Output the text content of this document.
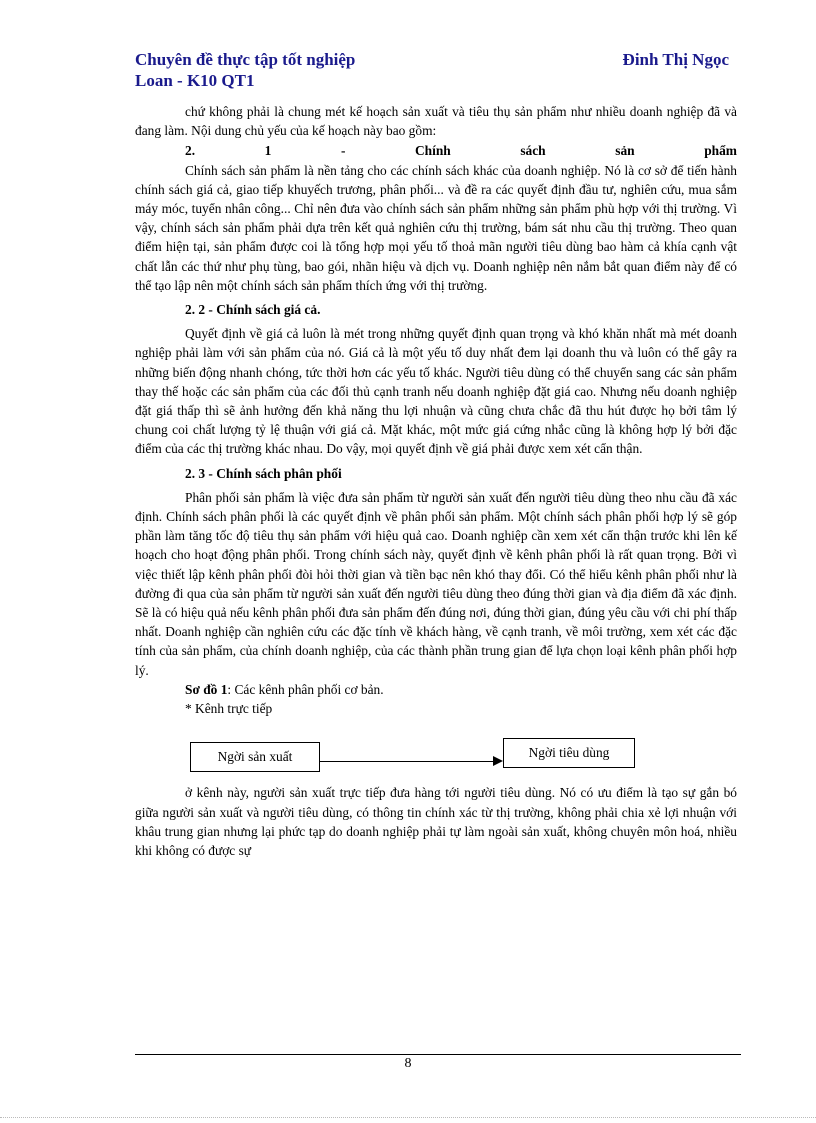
Chuyên đề thực tập tốt nghiệp	Đinh Thị Ngọc
Loan - K10 QT1

chứ không phải là chung mét kế hoạch sản xuất và tiêu thụ sản phẩm như nhiều doanh nghiệp đã và đang làm. Nội dung chủ yếu của kế hoạch này bao gồm:

2.	1	-	Chính	sách	sản	phẩm

Chính sách sản phẩm là nền tảng cho các chính sách khác của doanh nghiệp. Nó là cơ sở để tiến hành chính sách giá cả, giao tiếp khuyếch trương, phân phối... và đề ra các quyết định đầu tư, nghiên cứu, mua sắm máy móc, tuyển nhân công... Chỉ nên đưa vào chính sách sản phẩm những sản phẩm phù hợp với thị trường. Vì vậy, chính sách sản phẩm phải dựa trên kết quả nghiên cứu thị trường, bám sát nhu cầu thị trường. Theo quan điểm hiện tại, sản phẩm được coi là tổng hợp mọi yếu tố thoả mãn người tiêu dùng bao hàm cả khía cạnh vật chất lẫn các thứ như phụ tùng, bao gói, nhãn hiệu và dịch vụ. Doanh nghiệp nên nắm bắt quan điểm này để có thể tạo lập nên một chính sách sản phẩm thích ứng với thị trường.

2. 2 - Chính sách giá cả.

Quyết định về giá cả luôn là mét trong những quyết định quan trọng và khó khăn nhất mà mét doanh nghiệp phải làm với sản phẩm của nó. Giá cả là một yếu tố duy nhất đem lại doanh thu và luôn có thể gây ra những biến động nhanh chóng, tức thời hơn các yếu tố khác. Người tiêu dùng có thể chuyển sang các sản phẩm thay thế hoặc các sản phẩm của các đối thủ cạnh tranh nếu doanh nghiệp đặt giá cao. Nhưng nếu doanh nghiệp đặt giá thấp thì sẽ ảnh hưởng đến khả năng thu lợi nhuận và cũng chưa chắc đã thu hút được họ bởi tâm lý chung coi chất lượng tỷ lệ thuận với giá cả. Mặt khác, một mức giá cứng nhắc cũng là không hợp lý bởi đặc điểm của các thị trường khác nhau. Do vậy, mọi quyết định về giá phải được xem xét cẩn thận.

2. 3 - Chính sách phân phối

Phân phối sản phẩm là việc đưa sản phẩm từ người sản xuất đến người tiêu dùng theo nhu cầu đã xác định. Chính sách phân phối là các quyết định về phân phối sản phẩm. Một chính sách phân phối hợp lý sẽ góp phần làm tăng tốc độ tiêu thụ sản phẩm với hiệu quả cao. Doanh nghiệp cần xem xét cẩn thận trước khi lên kế hoạch cho hoạt động phân phối. Trong chính sách này, quyết định về kênh phân phối là rất quan trọng. Bởi vì việc thiết lập kênh phân phối đòi hỏi thời gian và tiền bạc nên khó thay đổi. Có thể hiểu kênh phân phối như là đường đi qua của sản phẩm từ người sản xuất đến người tiêu dùng theo đúng thời gian và địa điểm đã xác định. Sẽ là có hiệu quả nếu kênh phân phối đưa sản phẩm đến đúng nơi, đúng thời gian, đúng yêu cầu với chi phí thấp nhất. Doanh nghiệp cần nghiên cứu các đặc tính về khách hàng, về cạnh tranh, về môi trường, xem xét các đặc tính của sản phẩm, của chính doanh nghiệp, của các thành phần trung gian để lựa chọn loại kênh phân phối hợp lý.

Sơ đồ 1: Các kênh phân phối cơ bản.

* Kênh trực tiếp

Ngời sản xuất	Ngời tiêu dùng

ở kênh này, người sản xuất trực tiếp đưa hàng tới người tiêu dùng. Nó có ưu điểm là tạo sự gắn bó giữa người sản xuất và người tiêu dùng, có thông tin chính xác từ thị trường, không phải chia xẻ lợi nhuận với khâu trung gian nhưng lại phức tạp do doanh nghiệp phải tự làm ngoài sản xuất, không chuyên môn hoá, nhiều khi không có được sự

8
